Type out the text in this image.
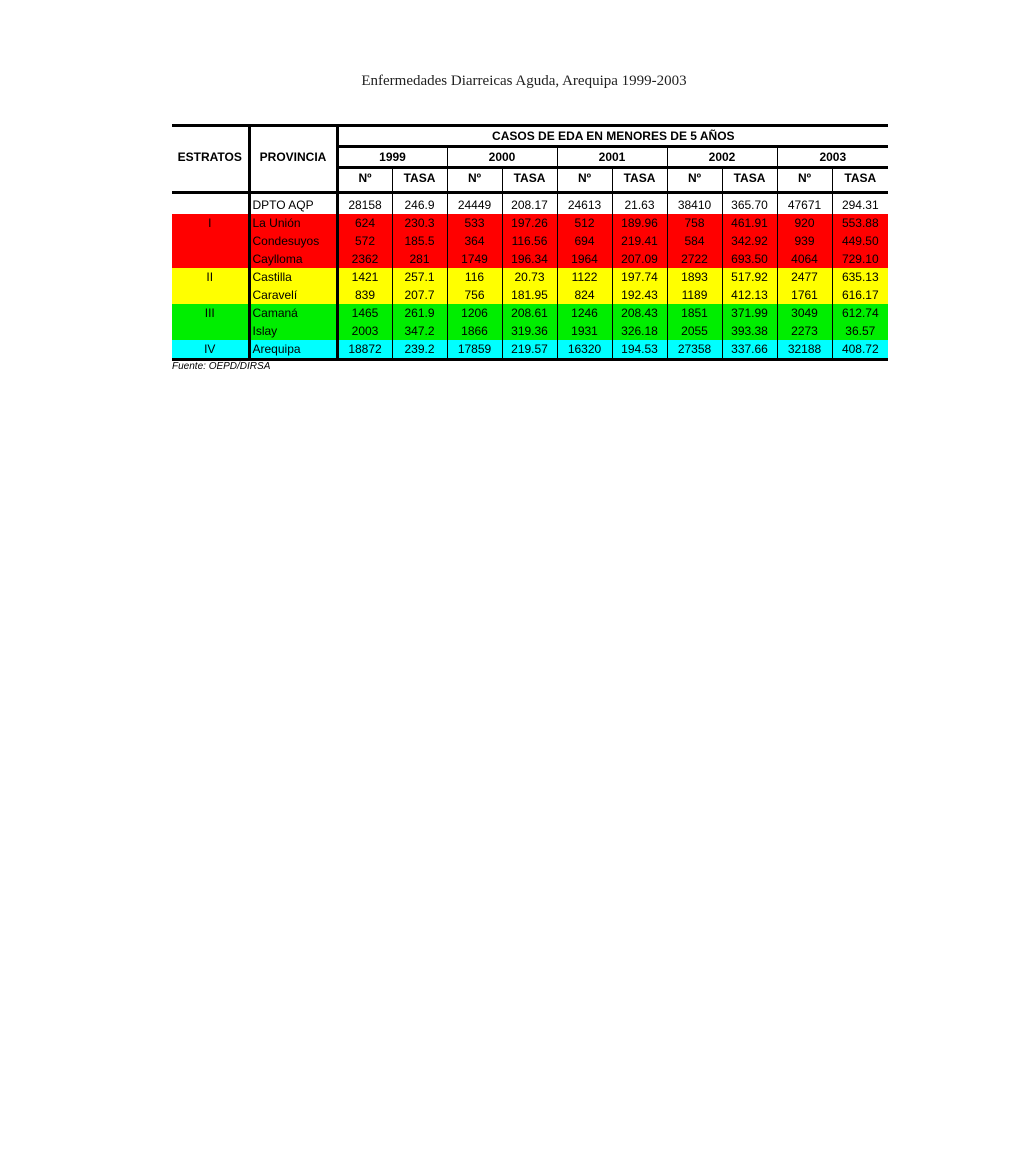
Enfermedades Diarreicas Aguda, Arequipa 1999-2003
ESTRATOS	PROVINCIA	CASOS DE EDA EN MENORES DE 5 AÑOS									
		1999		2000		2001		2002		2003	
		Nº	TASA	Nº	TASA	Nº	TASA	Nº	TASA	Nº	TASA

	DPTO AQP	28158	246.9	24449	208.17	24613	21.63	38410	365.70	47671	294.31
I	La Unión	624	230.3	533	197.26	512	189.96	758	461.91	920	553.88
	Condesuyos	572	185.5	364	116.56	694	219.41	584	342.92	939	449.50
	Caylloma	2362	281	1749	196.34	1964	207.09	2722	693.50	4064	729.10
II	Castilla	1421	257.1	116	20.73	1122	197.74	1893	517.92	2477	635.13
	Caravelí	839	207.7	756	181.95	824	192.43	1189	412.13	1761	616.17
III	Camaná	1465	261.9	1206	208.61	1246	208.43	1851	371.99	3049	612.74
	Islay	2003	347.2	1866	319.36	1931	326.18	2055	393.38	2273	36.57
IV	Arequipa	18872	239.2	17859	219.57	16320	194.53	27358	337.66	32188	408.72
Fuente: OEPD/DIRSA
